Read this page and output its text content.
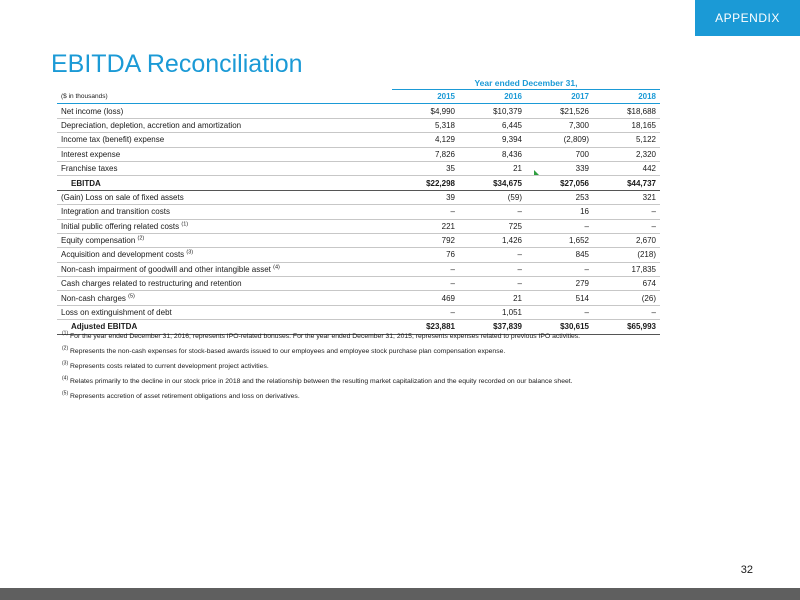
APPENDIX
EBITDA Reconciliation
Year ended December 31,
($ in thousands)	2015	2016	2017	2018
Net income (loss)	$4,990	$10,379	$21,526	$18,688
Depreciation, depletion, accretion and amortization	5,318	6,445	7,300	18,165
Income tax (benefit) expense	4,129	9,394	(2,809)	5,122
Interest expense	7,826	8,436	700	2,320
Franchise taxes	35	21	339	442
EBITDA	$22,298	$34,675	$27,056	$44,737
(Gain) Loss on sale of fixed assets	39	(59)	253	321
Integration and transition costs	–	–	16	–
Initial public offering related costs $^{(1)}$	221	725	–	–
Equity compensation $^{(2)}$	792	1,426	1,652	2,670
Acquisition and development costs $^{(3)}$	76	–	845	(218)
Non-cash impairment of goodwill and other intangible asset $^{(4)}$	–	–	–	17,835
Cash charges related to restructuring and retention	–	–	279	674
Non-cash charges $^{(5)}$	469	21	514	(26)
Loss on extinguishment of debt	–	1,051	–	–
Adjusted EBITDA	$23,881	$37,839	$30,615	$65,993

$^{(1)}$ For the year ended December 31, 2016, represents IPO-related bonuses. For the year ended December 31, 2015, represents expenses related to previous IPO activities.

$^{(2)}$ Represents the non-cash expenses for stock-based awards issued to our employees and employee stock purchase plan compensation expense.

$^{(3)}$ Represents costs related to current development project activities.

$^{(4)}$ Relates primarily to the decline in our stock price in 2018 and the relationship between the resulting market capitalization and the equity recorded on our balance sheet.

$^{(5)}$ Represents accretion of asset retirement obligations and loss on derivatives.

32
